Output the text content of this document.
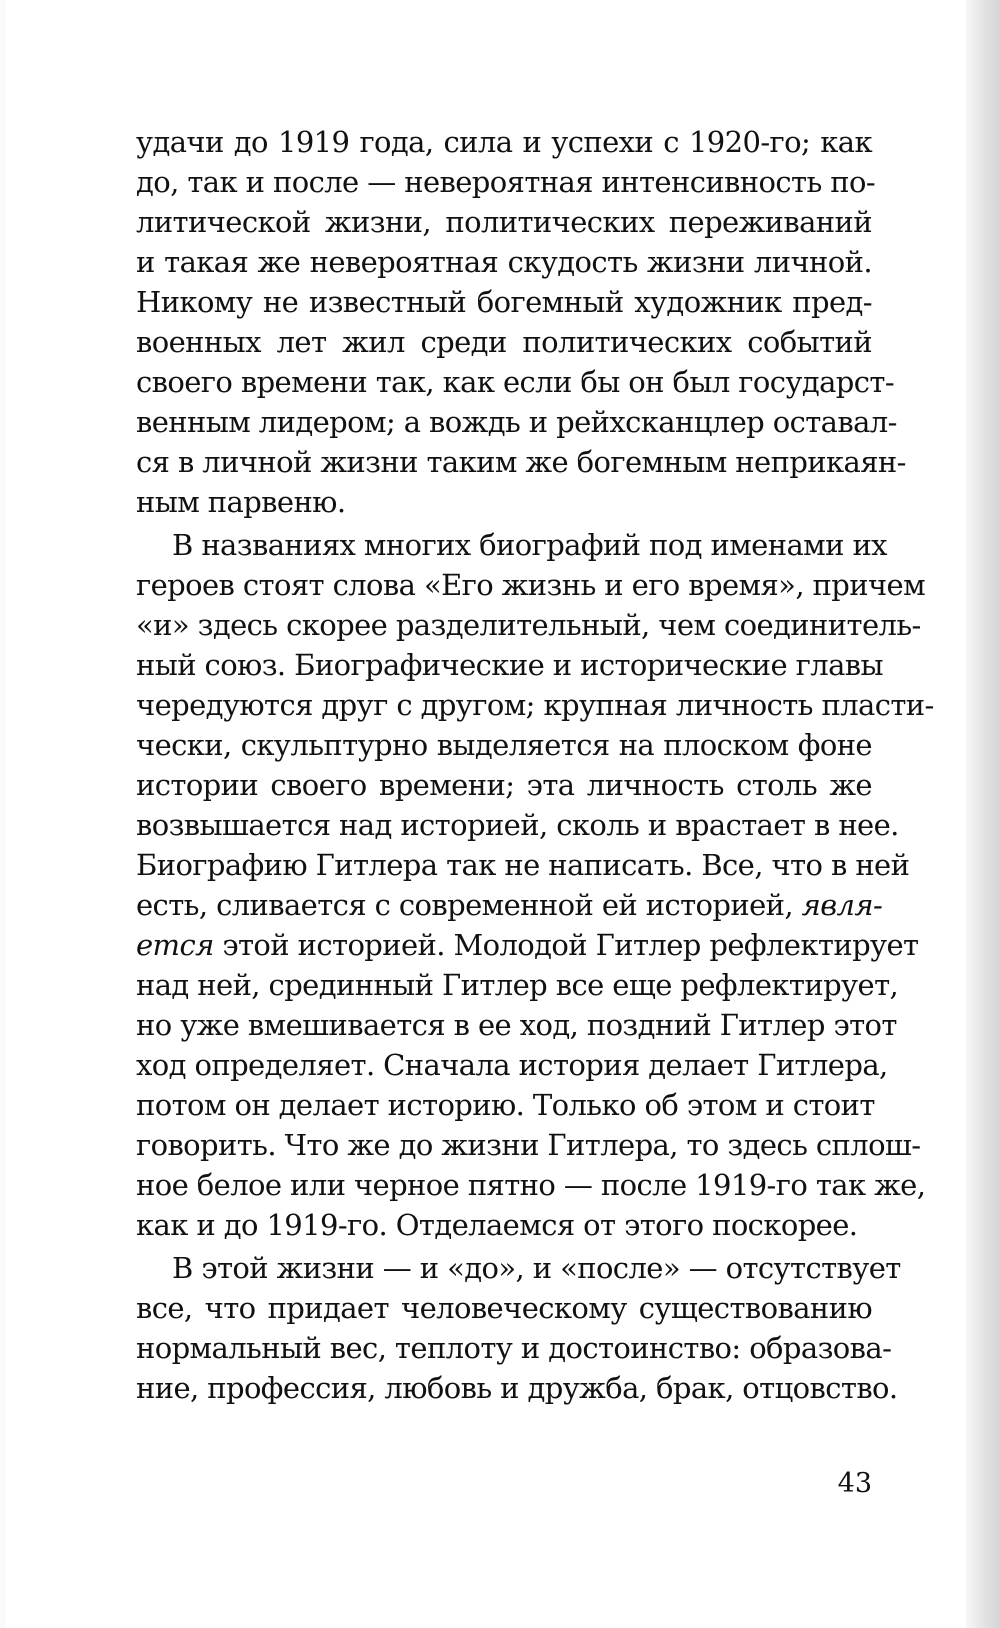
удачи до 1919 года, сила и успехи с 1920-го; как
до, так и после — невероятная интенсивность по-
литической жизни, политических переживаний
и такая же невероятная скудость жизни личной.
Никому не известный богемный художник пред-
военных лет жил среди политических событий
своего времени так, как если бы он был государст-
венным лидером; а вождь и рейхсканцлер оставал-
ся в личной жизни таким же богемным неприкаян-
ным парвеню.
В названиях многих биографий под именами их
героев стоят слова «Его жизнь и его время», причем
«и» здесь скорее разделительный, чем соединитель-
ный союз. Биографические и исторические главы
чередуются друг с другом; крупная личность пласти-
чески, скульптурно выделяется на плоском фоне
истории своего времени; эта личность столь же
возвышается над историей, сколь и врастает в нее.
Биографию Гитлера так не написать. Все, что в ней
есть, сливается с современной ей историей, явля-
ется этой историей. Молодой Гитлер рефлектирует
над ней, срединный Гитлер все еще рефлектирует,
но уже вмешивается в ее ход, поздний Гитлер этот
ход определяет. Сначала история делает Гитлера,
потом он делает историю. Только об этом и стоит
говорить. Что же до жизни Гитлера, то здесь сплош-
ное белое или черное пятно — после 1919-го так же,
как и до 1919-го. Отделаемся от этого поскорее.
В этой жизни — и «до», и «после» — отсутствует
все, что придает человеческому существованию
нормальный вес, теплоту и достоинство: образова-
ние, профессия, любовь и дружба, брак, отцовство.
43
